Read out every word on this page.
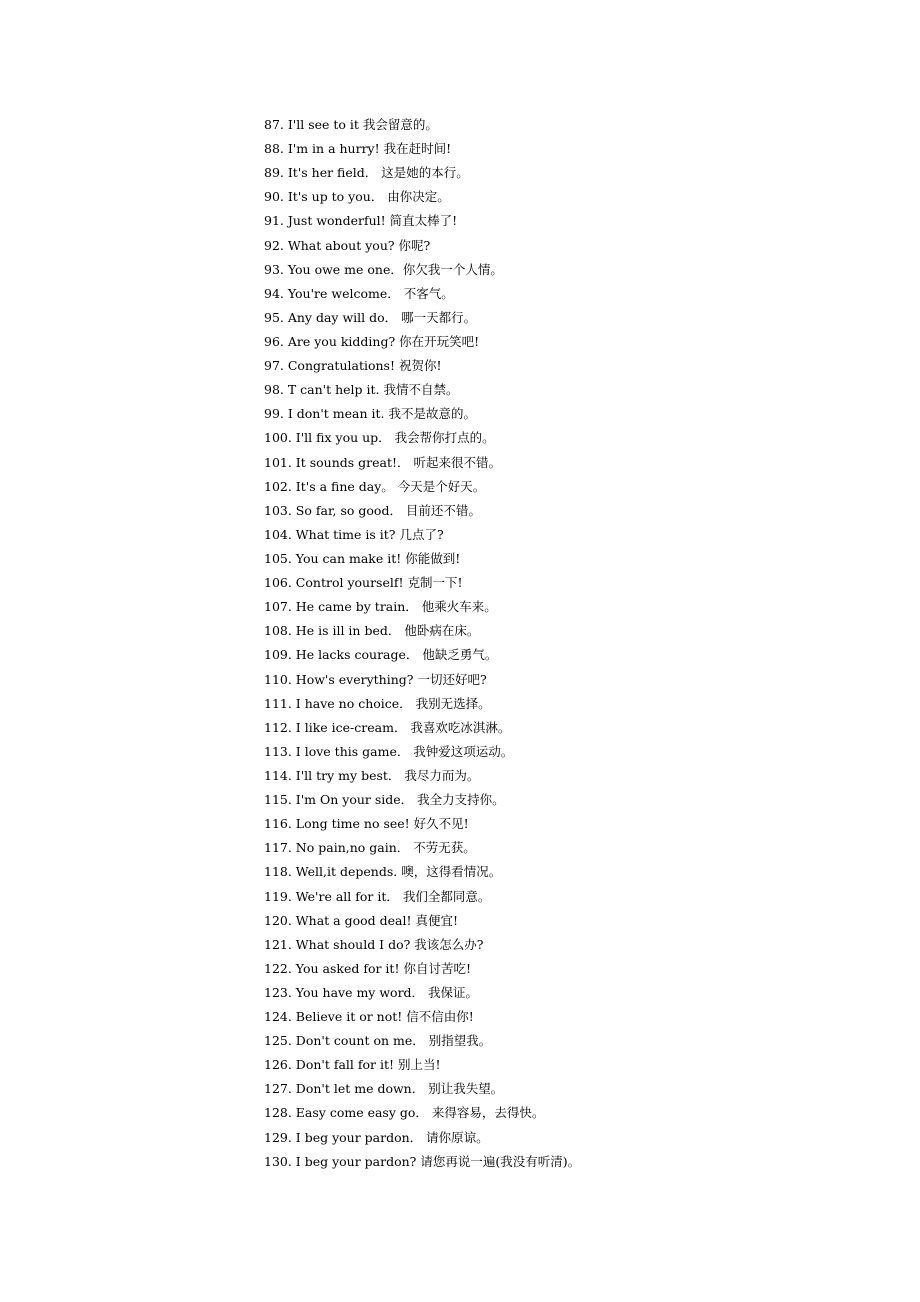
87. I'll see to it 我会留意的。
88. I'm in a hurry! 我在赶时间!
89. It's her field． 这是她的本行。
90. It's up to you． 由你决定。
91. Just wonderful! 简直太棒了!
92. What about you? 你呢?
93. You owe me one．你欠我一个人情。
94. You're welcome． 不客气。
95. Any day will do． 哪一天都行。
96. Are you kidding? 你在开玩笑吧!
97. Congratulations! 祝贺你!
98. T can't help it. 我情不自禁。
99. I don't mean it. 我不是故意的。
100. I'll fix you up． 我会帮你打点的。
101. It sounds great!． 听起来很不错。
102. It's a fine day。 今天是个好天。
103. So far, so good． 目前还不错。
104. What time is it? 几点了?
105. You can make it! 你能做到!
106. Control yourself! 克制一下!
107. He came by train． 他乘火车来。
108. He is ill in bed． 他卧病在床。
109. He lacks courage． 他缺乏勇气。
110. How's everything? 一切还好吧?
111. I have no choice． 我别无选择。
112. I like ice-cream． 我喜欢吃冰淇淋。
113. I love this game． 我钟爱这项运动。
114. I'll try my best． 我尽力而为。
115. I'm On your side． 我全力支持你。
116. Long time no see! 好久不见!
117. No pain,no gain． 不劳无获。
118. Well,it depends. 噢，这得看情况。
119. We're all for it． 我们全都同意。
120. What a good deal! 真便宜!
121. What should I do? 我该怎么办?
122. You asked for it! 你自讨苦吃!
123. You have my word． 我保证。
124. Believe it or not! 信不信由你!
125. Don't count on me． 别指望我。
126. Don't fall for it! 别上当!
127. Don't let me down． 别让我失望。
128. Easy come easy go． 来得容易，去得快。
129. I beg your pardon． 请你原谅。
130. I beg your pardon? 请您再说一遍(我没有听清)。
